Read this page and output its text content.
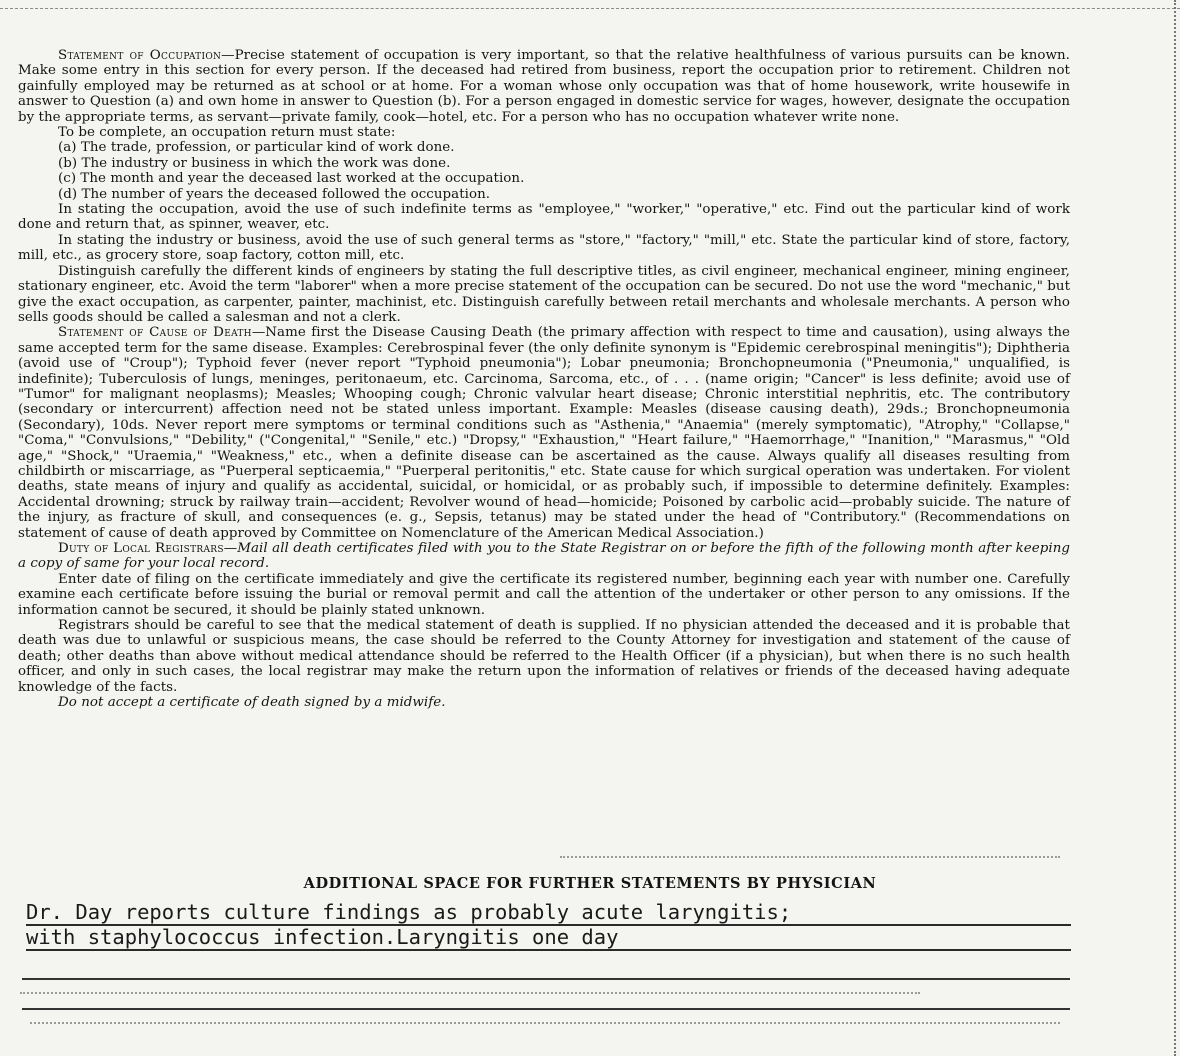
Statement of Occupation—Precise statement of occupation is very important, so that the relative healthfulness of various pursuits can be known. Make some entry in this section for every person. If the deceased had retired from business, report the occupation prior to retirement. Children not gainfully employed may be returned as at school or at home. For a woman whose only occupation was that of home housework, write housewife in answer to Question (a) and own home in answer to Question (b). For a person engaged in domestic service for wages, however, designate the occupation by the appropriate terms, as servant—private family, cook—hotel, etc. For a person who has no occupation whatever write none.

To be complete, an occupation return must state:

(a) The trade, profession, or particular kind of work done.

(b) The industry or business in which the work was done.

(c) The month and year the deceased last worked at the occupation.

(d) The number of years the deceased followed the occupation.

In stating the occupation, avoid the use of such indefinite terms as "employee," "worker," "operative," etc. Find out the particular kind of work done and return that, as spinner, weaver, etc.

In stating the industry or business, avoid the use of such general terms as "store," "factory," "mill," etc. State the particular kind of store, factory, mill, etc., as grocery store, soap factory, cotton mill, etc.

Distinguish carefully the different kinds of engineers by stating the full descriptive titles, as civil engineer, mechanical engineer, mining engineer, stationary engineer, etc. Avoid the term "laborer" when a more precise statement of the occupation can be secured. Do not use the word "mechanic," but give the exact occupation, as carpenter, painter, machinist, etc. Distinguish carefully between retail merchants and wholesale merchants. A person who sells goods should be called a salesman and not a clerk.

Statement of Cause of Death—Name first the Disease Causing Death (the primary affection with respect to time and causation), using always the same accepted term for the same disease. Examples: Cerebrospinal fever (the only definite synonym is "Epidemic cerebrospinal meningitis"); Diphtheria (avoid use of "Croup"); Typhoid fever (never report "Typhoid pneumonia"); Lobar pneumonia; Bronchopneumonia ("Pneumonia," unqualified, is indefinite); Tuberculosis of lungs, meninges, peritonaeum, etc. Carcinoma, Sarcoma, etc., of . . . (name origin; "Cancer" is less definite; avoid use of "Tumor" for malignant neoplasms); Measles; Whooping cough; Chronic valvular heart disease; Chronic interstitial nephritis, etc. The contributory (secondary or intercurrent) affection need not be stated unless important. Example: Measles (disease causing death), 29ds.; Bronchopneumonia (Secondary), 10ds. Never report mere symptoms or terminal conditions such as "Asthenia," "Anaemia" (merely symptomatic), "Atrophy," "Collapse," "Coma," "Convulsions," "Debility," ("Congenital," "Senile," etc.) "Dropsy," "Exhaustion," "Heart failure," "Haemorrhage," "Inanition," "Marasmus," "Old age," "Shock," "Uraemia," "Weakness," etc., when a definite disease can be ascertained as the cause. Always qualify all diseases resulting from childbirth or miscarriage, as "Puerperal septicaemia," "Puerperal peritonitis," etc. State cause for which surgical operation was undertaken. For violent deaths, state means of injury and qualify as accidental, suicidal, or homicidal, or as probably such, if impossible to determine definitely. Examples: Accidental drowning; struck by railway train—accident; Revolver wound of head—homicide; Poisoned by carbolic acid—probably suicide. The nature of the injury, as fracture of skull, and consequences (e. g., Sepsis, tetanus) may be stated under the head of "Contributory." (Recommendations on statement of cause of death approved by Committee on Nomenclature of the American Medical Association.)

Duty of Local Registrars—Mail all death certificates filed with you to the State Registrar on or before the fifth of the following month after keeping a copy of same for your local record.

Enter date of filing on the certificate immediately and give the certificate its registered number, beginning each year with number one. Carefully examine each certificate before issuing the burial or removal permit and call the attention of the undertaker or other person to any omissions. If the information cannot be secured, it should be plainly stated unknown.

Registrars should be careful to see that the medical statement of death is supplied. If no physician attended the deceased and it is probable that death was due to unlawful or suspicious means, the case should be referred to the County Attorney for investigation and statement of the cause of death; other deaths than above without medical attendance should be referred to the Health Officer (if a physician), but when there is no such health officer, and only in such cases, the local registrar may make the return upon the information of relatives or friends of the deceased having adequate knowledge of the facts.

Do not accept a certificate of death signed by a midwife.

ADDITIONAL SPACE FOR FURTHER STATEMENTS BY PHYSICIAN
Dr. Day reports culture findings as probably acute laryngitis;
with staphylococcus infection.Laryngitis one day
